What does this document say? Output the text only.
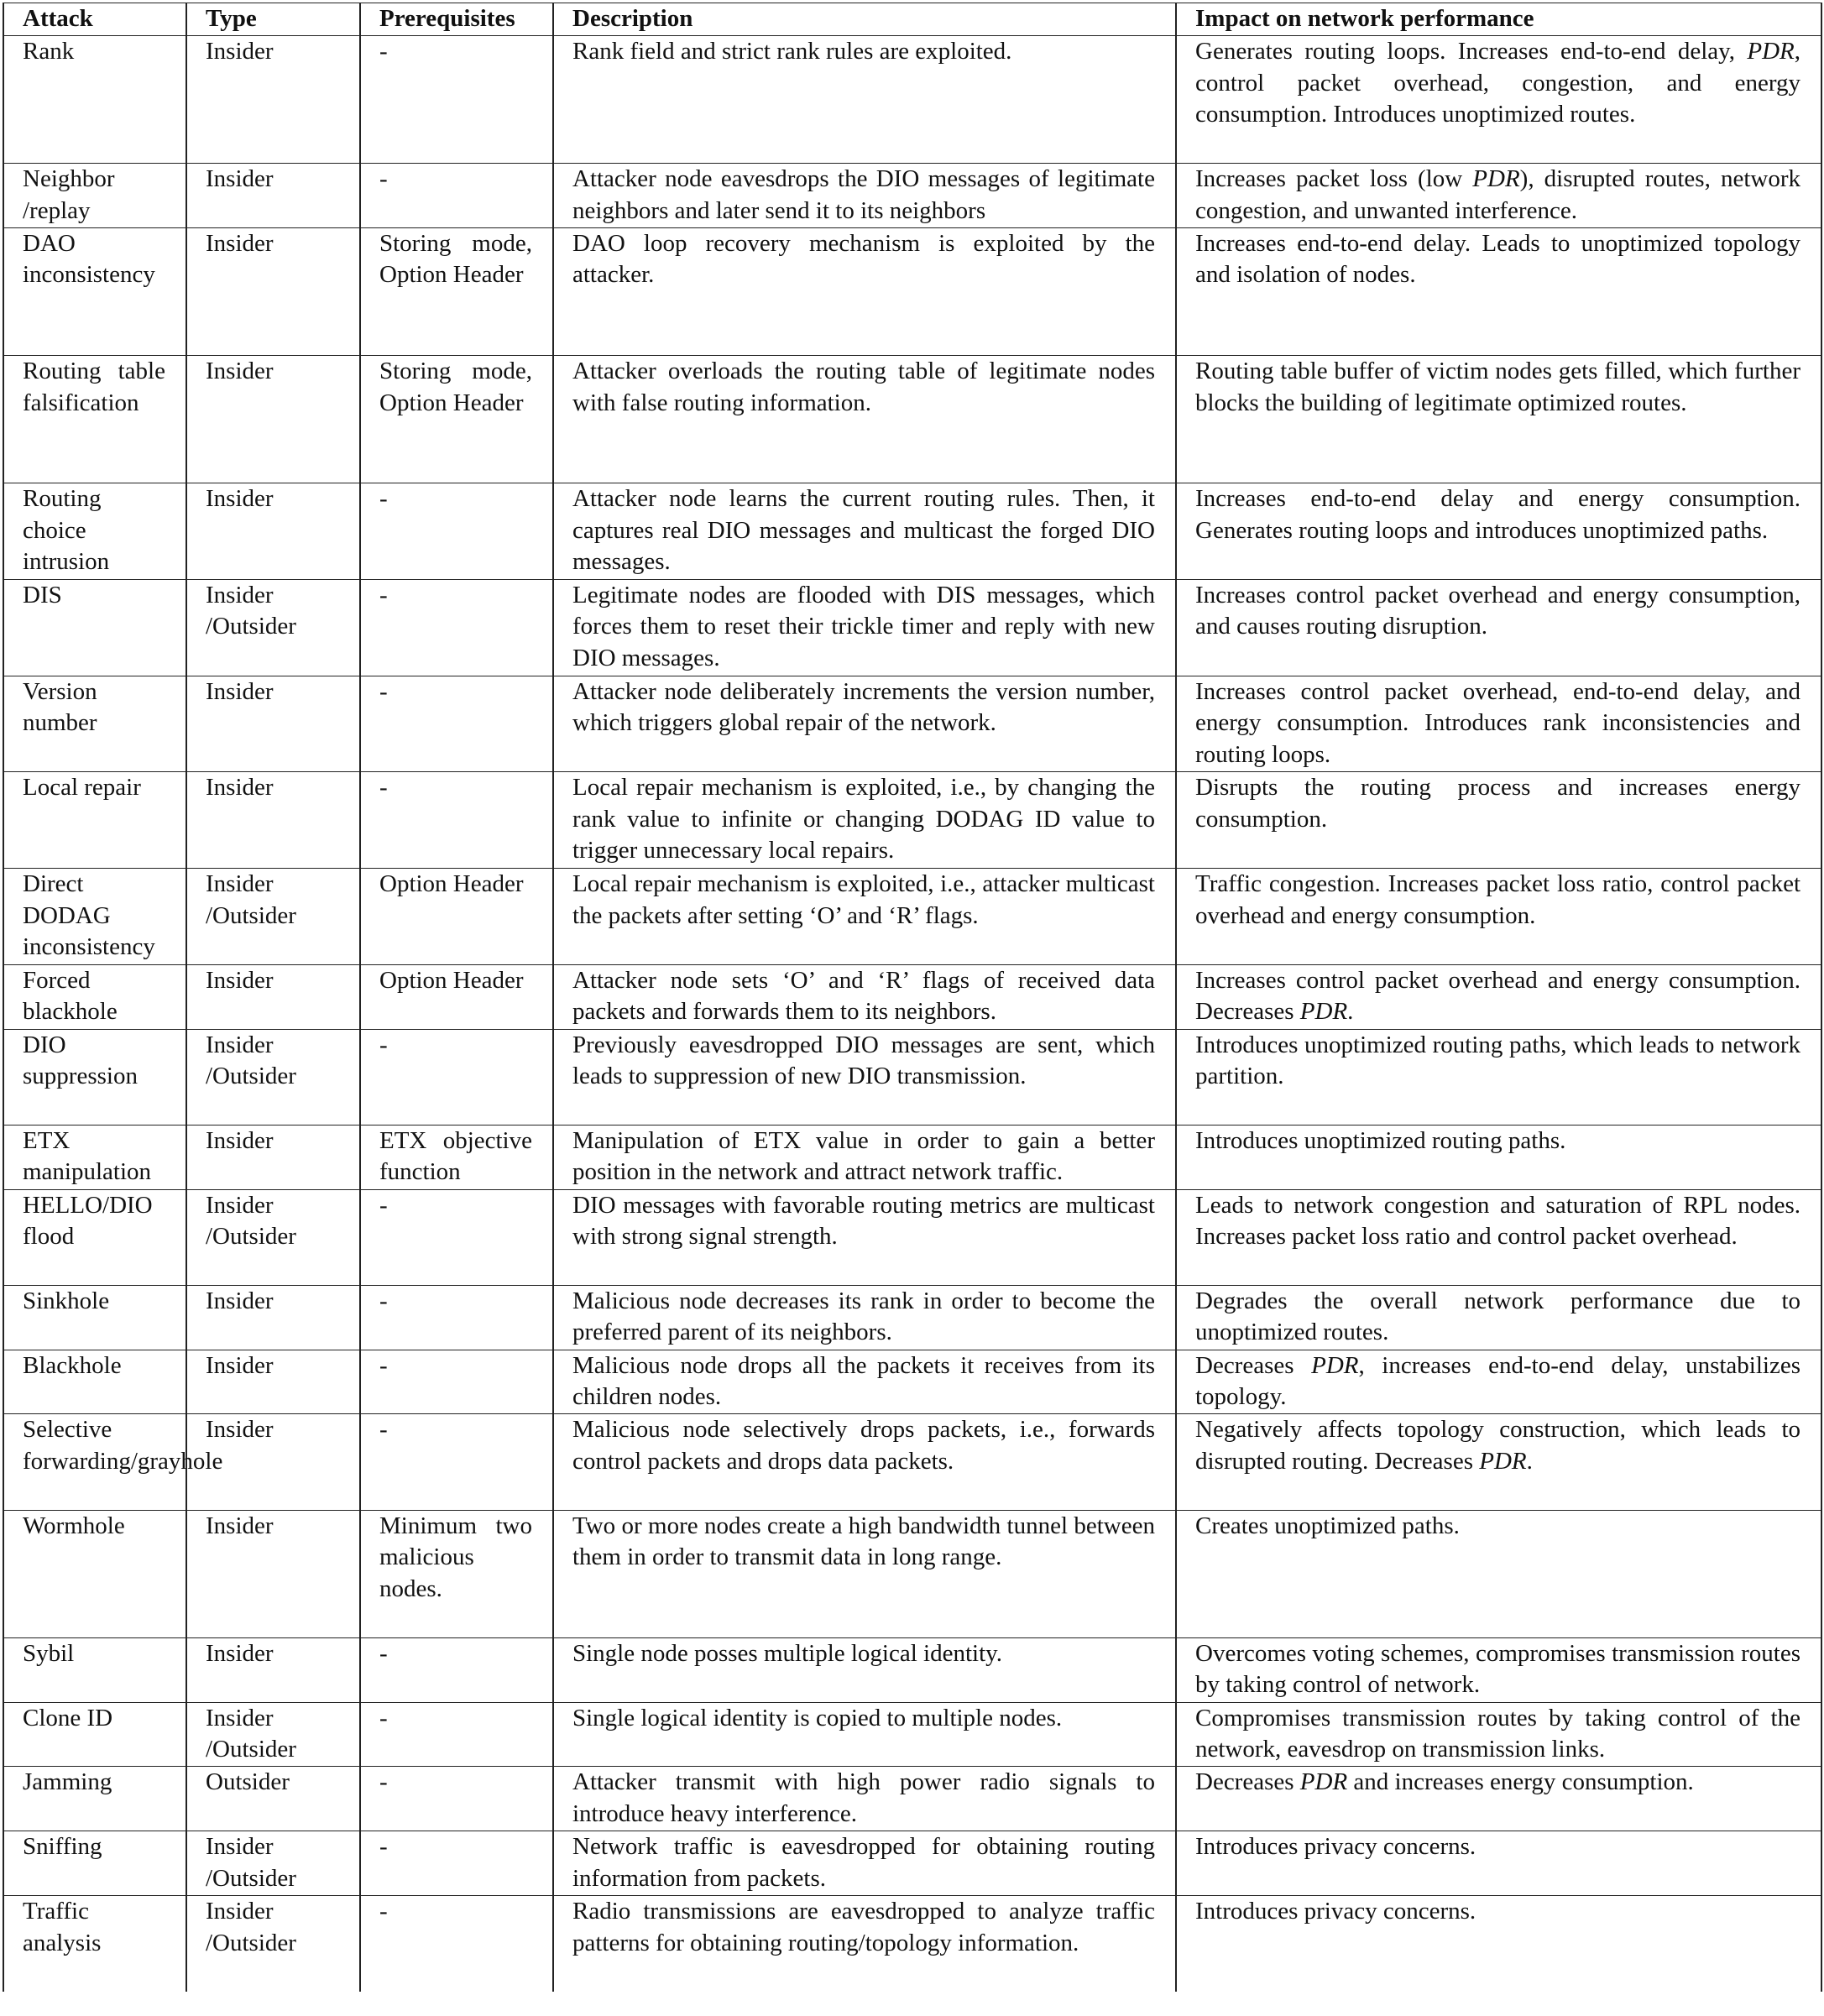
Attack	Type	Prerequisites	Description	Impact on network performance
Rank	Insider	-	Rank field and strict rank rules are exploited.	Generates routing loops. Increases end-to-end delay, PDR, control packet overhead, congestion, and energy consumption. Introduces unoptimized routes.
Neighbor /replay	Insider	-	Attacker node eavesdrops the DIO messages of legitimate neighbors and later send it to its neighbors	Increases packet loss (low PDR), disrupted routes, network congestion, and unwanted interference.
DAO inconsistency	Insider	Storing mode, Option Header	DAO loop recovery mechanism is exploited by the attacker.	Increases end-to-end delay. Leads to unoptimized topology and isolation of nodes.
Routing table falsification	Insider	Storing mode, Option Header	Attacker overloads the routing table of legitimate nodes with false routing information.	Routing table buffer of victim nodes gets filled, which further blocks the building of legitimate optimized routes.
Routing choice intrusion	Insider	-	Attacker node learns the current routing rules. Then, it captures real DIO messages and multicast the forged DIO messages.	Increases end-to-end delay and energy consumption. Generates routing loops and introduces unoptimized paths.
DIS	Insider /Outsider	-	Legitimate nodes are flooded with DIS messages, which forces them to reset their trickle timer and reply with new DIO messages.	Increases control packet overhead and energy consumption, and causes routing disruption.
Version number	Insider	-	Attacker node deliberately increments the version number, which triggers global repair of the network.	Increases control packet overhead, end-to-end delay, and energy consumption. Introduces rank inconsistencies and routing loops.
Local repair	Insider	-	Local repair mechanism is exploited, i.e., by changing the rank value to infinite or changing DODAG ID value to trigger unnecessary local repairs.	Disrupts the routing process and increases energy consumption.
Direct DODAG inconsistency	Insider /Outsider	Option Header	Local repair mechanism is exploited, i.e., attacker multicast the packets after setting ‘O’ and ‘R’ flags.	Traffic congestion. Increases packet loss ratio, control packet overhead and energy consumption.
Forced blackhole	Insider	Option Header	Attacker node sets ‘O’ and ‘R’ flags of received data packets and forwards them to its neighbors.	Increases control packet overhead and energy consumption. Decreases PDR.
DIO suppression	Insider /Outsider	-	Previously eavesdropped DIO messages are sent, which leads to suppression of new DIO transmission.	Introduces unoptimized routing paths, which leads to network partition.
ETX manipulation	Insider	ETX objective function	Manipulation of ETX value in order to gain a better position in the network and attract network traffic.	Introduces unoptimized routing paths.
HELLO/DIO flood	Insider /Outsider	-	DIO messages with favorable routing metrics are multicast with strong signal strength.	Leads to network congestion and saturation of RPL nodes. Increases packet loss ratio and control packet overhead.
Sinkhole	Insider	-	Malicious node decreases its rank in order to become the preferred parent of its neighbors.	Degrades the overall network performance due to unoptimized routes.
Blackhole	Insider	-	Malicious node drops all the packets it receives from its children nodes.	Decreases PDR, increases end-to-end delay, unstabilizes topology.
Selective forwarding/grayhole	Insider	-	Malicious node selectively drops packets, i.e., forwards control packets and drops data packets.	Negatively affects topology construction, which leads to disrupted routing. Decreases PDR.
Wormhole	Insider	Minimum two malicious nodes.	Two or more nodes create a high bandwidth tunnel between them in order to transmit data in long range.	Creates unoptimized paths.
Sybil	Insider	-	Single node posses multiple logical identity.	Overcomes voting schemes, compromises transmission routes by taking control of network.
Clone ID	Insider /Outsider	-	Single logical identity is copied to multiple nodes.	Compromises transmission routes by taking control of the network, eavesdrop on transmission links.
Jamming	Outsider	-	Attacker transmit with high power radio signals to introduce heavy interference.	Decreases PDR and increases energy consumption.
Sniffing	Insider /Outsider	-	Network traffic is eavesdropped for obtaining routing information from packets.	Introduces privacy concerns.
Traffic analysis	Insider /Outsider	-	Radio transmissions are eavesdropped to analyze traffic patterns for obtaining routing/topology information.	Introduces privacy concerns.
